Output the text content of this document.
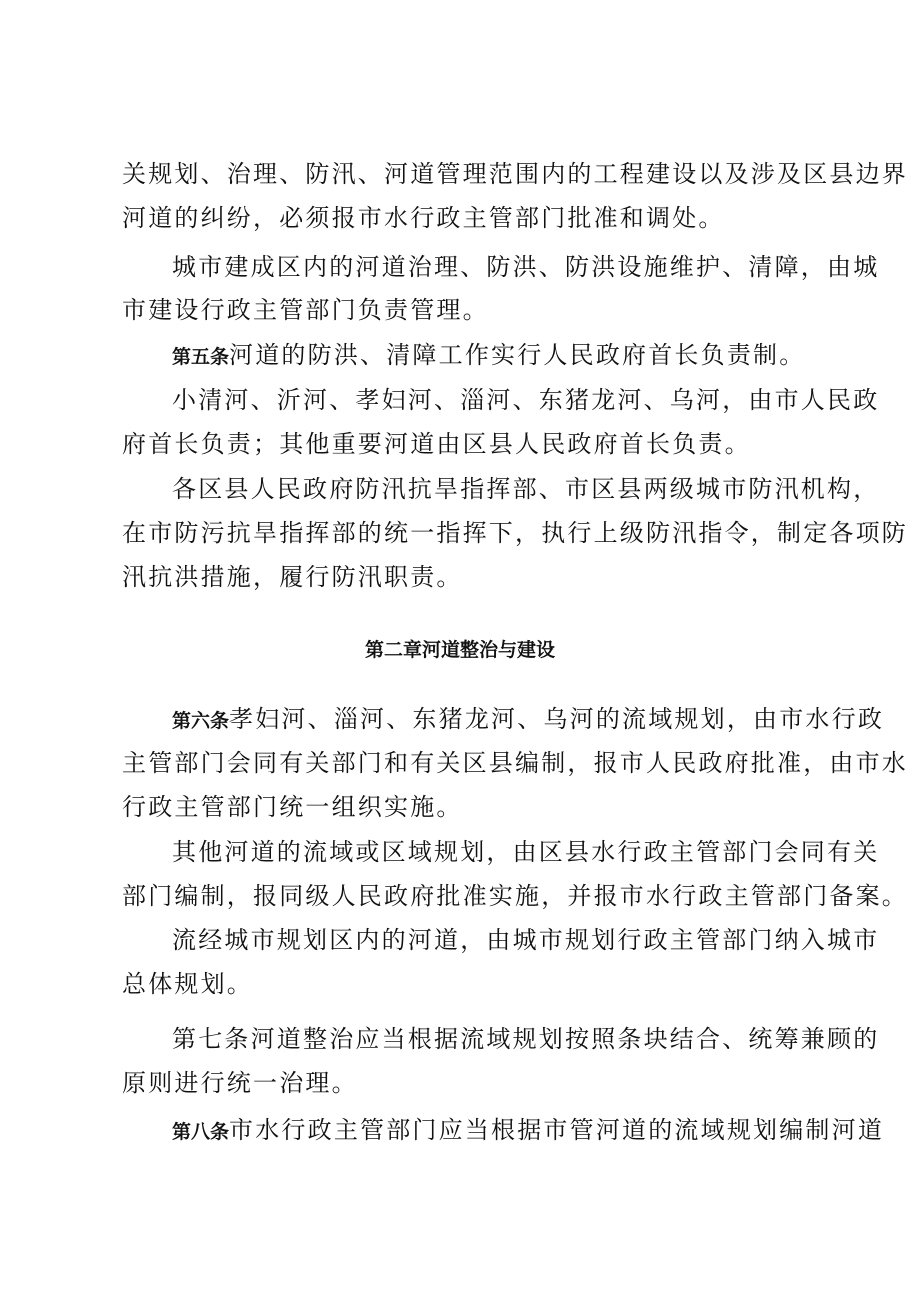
关规划、治理、防汛、河道管理范围内的工程建设以及涉及区县边界
河道的纠纷，必须报市水行政主管部门批准和调处。
城市建成区内的河道治理、防洪、防洪设施维护、清障，由城
市建设行政主管部门负责管理。
第五条河道的防洪、清障工作实行人民政府首长负责制。
小清河、沂河、孝妇河、淄河、东猪龙河、乌河，由市人民政
府首长负责；其他重要河道由区县人民政府首长负责。
各区县人民政府防汛抗旱指挥部、市区县两级城市防汛机构，
在市防污抗旱指挥部的统一指挥下，执行上级防汛指令，制定各项防
汛抗洪措施，履行防汛职责。
第二章河道整治与建设
第六条孝妇河、淄河、东猪龙河、乌河的流域规划，由市水行政
主管部门会同有关部门和有关区县编制，报市人民政府批准，由市水
行政主管部门统一组织实施。
其他河道的流域或区域规划，由区县水行政主管部门会同有关
部门编制，报同级人民政府批准实施，并报市水行政主管部门备案。
流经城市规划区内的河道，由城市规划行政主管部门纳入城市
总体规划。
第七条河道整治应当根据流域规划按照条块结合、统筹兼顾的
原则进行统一治理。
第八条市水行政主管部门应当根据市管河道的流域规划编制河道
